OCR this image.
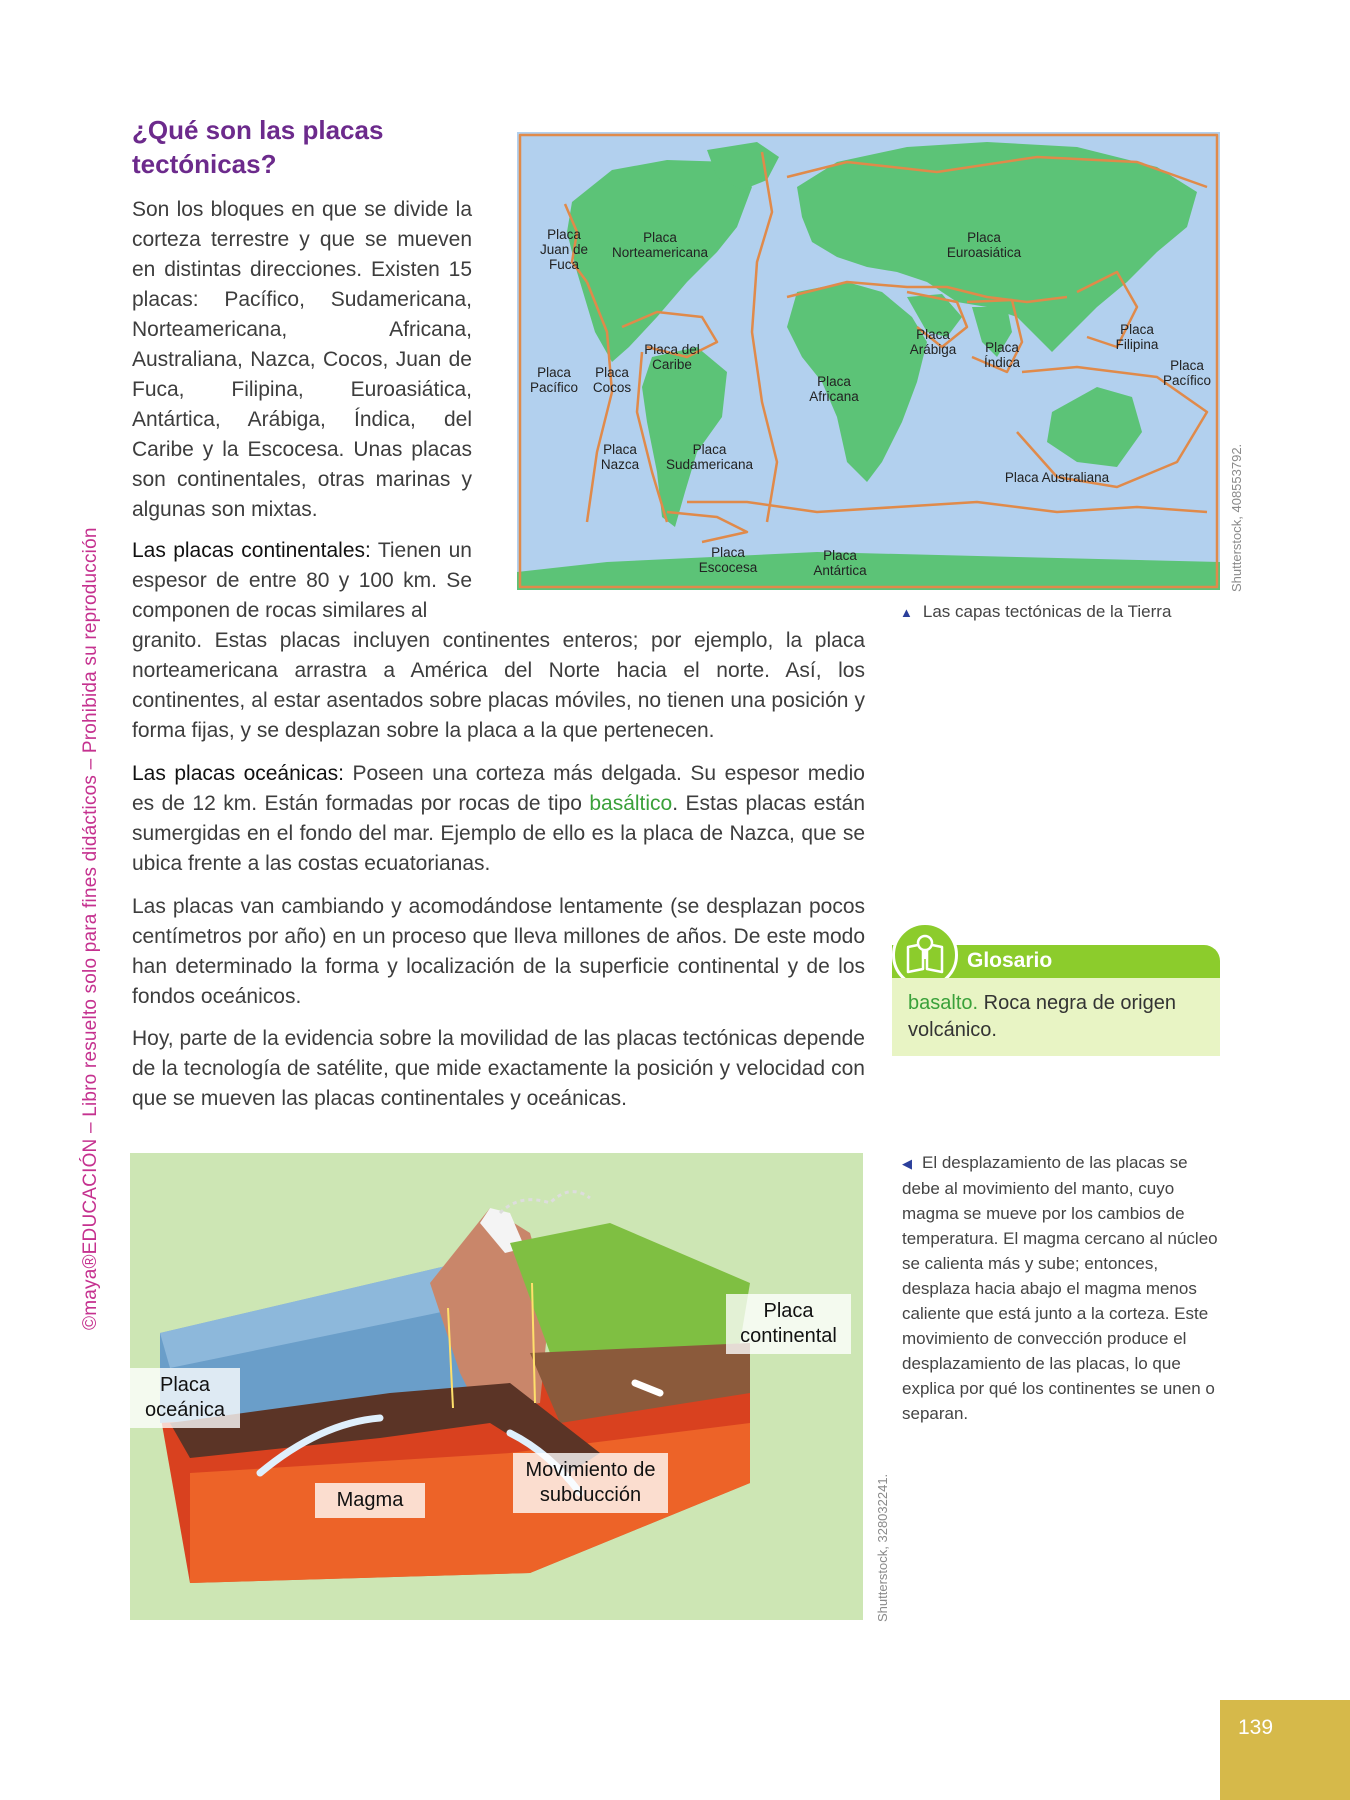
¿Qué son las placas tectónicas?

Son los bloques en que se divide la corteza terrestre y que se mueven en distintas direcciones. Existen 15 placas: Pacífico, Sudamericana, Norteamericana, Africana, Australiana, Nazca, Cocos, Juan de Fuca, Filipina, Euroasiática, Antártica, Arábiga, Índica, del Caribe y la Escocesa. Unas placas son continentales, otras marinas y algunas son mixtas.

Las placas continentales: Tienen un espesor de entre 80 y 100 km. Se componen de rocas similares al

granito. Estas placas incluyen continentes enteros; por ejemplo, la placa norteamericana arrastra a América del Norte hacia el norte. Así, los continentes, al estar asentados sobre placas móviles, no tienen una posición y forma fijas, y se desplazan sobre la placa a la que pertenecen.

Las placas oceánicas: Poseen una corteza más delgada. Su espesor medio es de 12 km. Están formadas por rocas de tipo basáltico. Estas placas están sumergidas en el fondo del mar. Ejemplo de ello es la placa de Nazca, que se ubica frente a las costas ecuatorianas.

Las placas van cambiando y acomodándose lentamente (se desplazan pocos centímetros por año) en un proceso que lleva millones de años. De este modo han determinado la forma y localización de la superficie continental y de los fondos oceánicos.

Hoy, parte de la evidencia sobre la movilidad de las placas tectónicas depende de la tecnología de satélite, que mide exactamente la posición y velocidad con que se mueven las placas continentales y oceánicas.

Placa Juan de Fuca
Placa Norteamericana
Placa Euroasiática
Placa Filipina
Placa Arábiga	Placa Índica
Placa del Caribe
Placa Pacífico
Placa Cocos
Placa Pacífico
Placa Africana
Placa Nazca
Placa Sudamericana
Placa Australiana
Placa Escocesa
Placa Antártica	Shutterstock, 408553792.
▲ Las capas tectónicas de la Tierra
Glosario

basalto. Roca negra de origen volcánico.

Placa continental
Placa oceánica
Movimiento de subducción
Magma	Shutterstock, 328032241.
◀ El desplazamiento de las placas se debe al movimiento del manto, cuyo magma se mueve por los cambios de temperatura. El magma cercano al núcleo se calienta más y sube; entonces, desplaza hacia abajo el magma menos caliente que está junto a la corteza. Este movimiento de convección produce el desplazamiento de las placas, lo que explica por qué los continentes se unen o separan.
©maya®EDUCACIÓN – Libro resuelto solo para fines didácticos – Prohibida su reproducción
139
